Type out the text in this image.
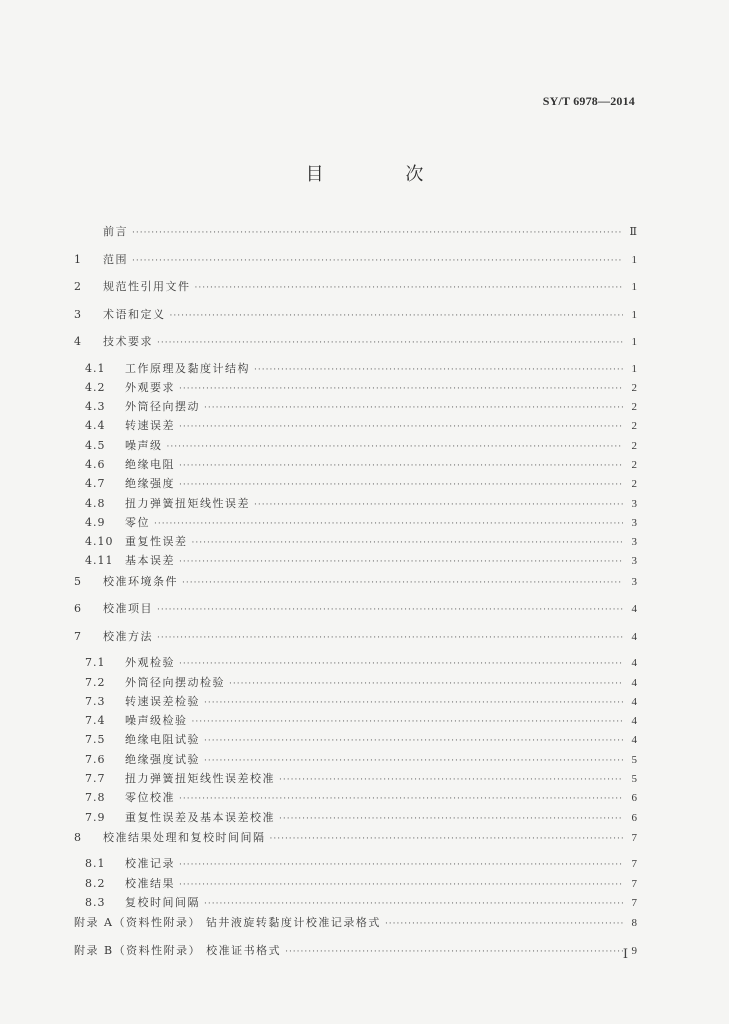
SY/T 6978—2014
目 次
前言 ·····	Ⅱ
1	范围 ·····	1
2	规范性引用文件 ·····	1
3	术语和定义 ·····	1
4	技术要求 ·····	1
4.1	工作原理及黏度计结构 ·····	1
4.2	外观要求 ·····	2
4.3	外筒径向摆动 ·····	2
4.4	转速误差 ·····	2
4.5	噪声级 ·····	2
4.6	绝缘电阻 ·····	2
4.7	绝缘强度 ·····	2
4.8	扭力弹簧扭矩线性误差 ·····	3
4.9	零位 ·····	3
4.10	重复性误差 ·····	3
4.11	基本误差 ·····	3
5	校准环境条件 ·····	3
6	校准项目 ·····	4
7	校准方法 ·····	4
7.1	外观检验 ·····	4
7.2	外筒径向摆动检验 ·····	4
7.3	转速误差检验 ·····	4
7.4	噪声级检验 ·····	4
7.5	绝缘电阻试验 ·····	4
7.6	绝缘强度试验 ·····	5
7.7	扭力弹簧扭矩线性误差校准 ·····	5
7.8	零位校准 ·····	6
7.9	重复性误差及基本误差校准 ·····	6
8	校准结果处理和复校时间间隔 ·····	7
8.1	校准记录 ·····	7
8.2	校准结果 ·····	7
8.3	复校时间间隔 ·····	7
附录 A（资料性附录） 钻井液旋转黏度计校准记录格式 ·····	8
附录 B（资料性附录） 校准证书格式 ·····	9
Ⅰ
